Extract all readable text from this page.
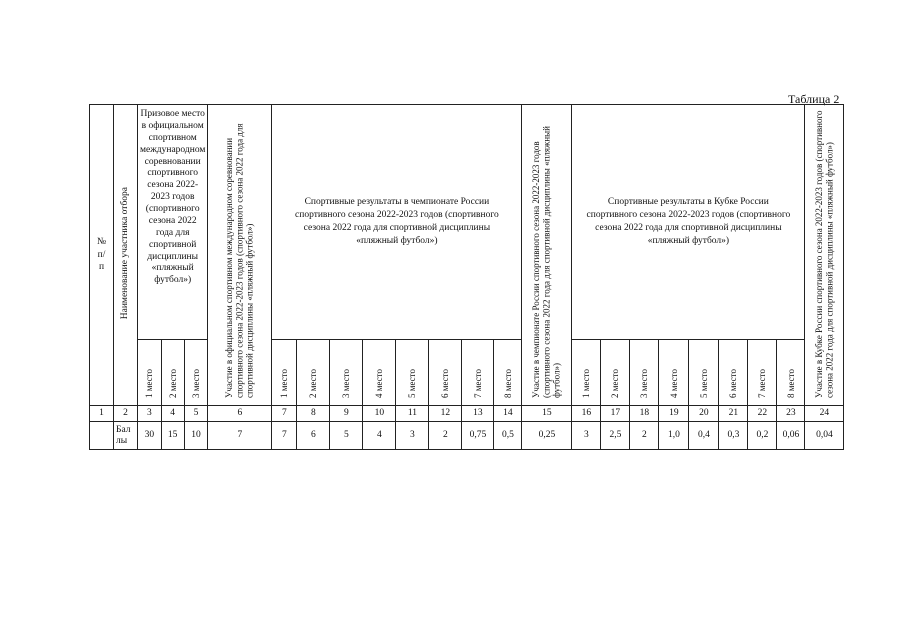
Таблица 2
№ п/ п	Наименование участника отбора	Призовое место в официальном спортивном международном соревновании спортивного сезона 2022-2023 годов (спортивного сезона 2022 года для спортивной дисциплины «пляжный футбол»)			Участие в официальном спортивном международном соревновании спортивного сезона 2022-2023 годов (спортивного сезона 2022 года для спортивной дисциплины «пляжный футбол»)	Спортивные результаты в чемпионате России спортивного сезона 2022-2023 годов (спортивного сезона 2022 года для спортивной дисциплины «пляжный футбол»)								Участие в чемпионате России спортивного сезона 2022-2023 годов (спортивного сезона 2022 года для спортивной дисциплины «пляжный футбол»)	Спортивные результаты в Кубке России спортивного сезона 2022-2023 годов (спортивного сезона 2022 года для спортивной дисциплины «пляжный футбол»)								Участие в Кубке России спортивного сезона 2022-2023 годов (спортивного сезона 2022 года для спортивной дисциплины «пляжный футбол»)
		1 место	2 место	3 место		1 место	2 место	3 место	4 место	5 место	6 место	7 место	8 место		1 место	2 место	3 место	4 место	5 место	6 место	7 место	8 место	
1	2	3	4	5	6	7	8	9	10	11	12	13	14	15	16	17	18	19	20	21	22	23	24
	Бал лы	30	15	10	7	7	6	5	4	3	2	0,75	0,5	0,25	3	2,5	2	1,0	0,4	0,3	0,2	0,06	0,04
